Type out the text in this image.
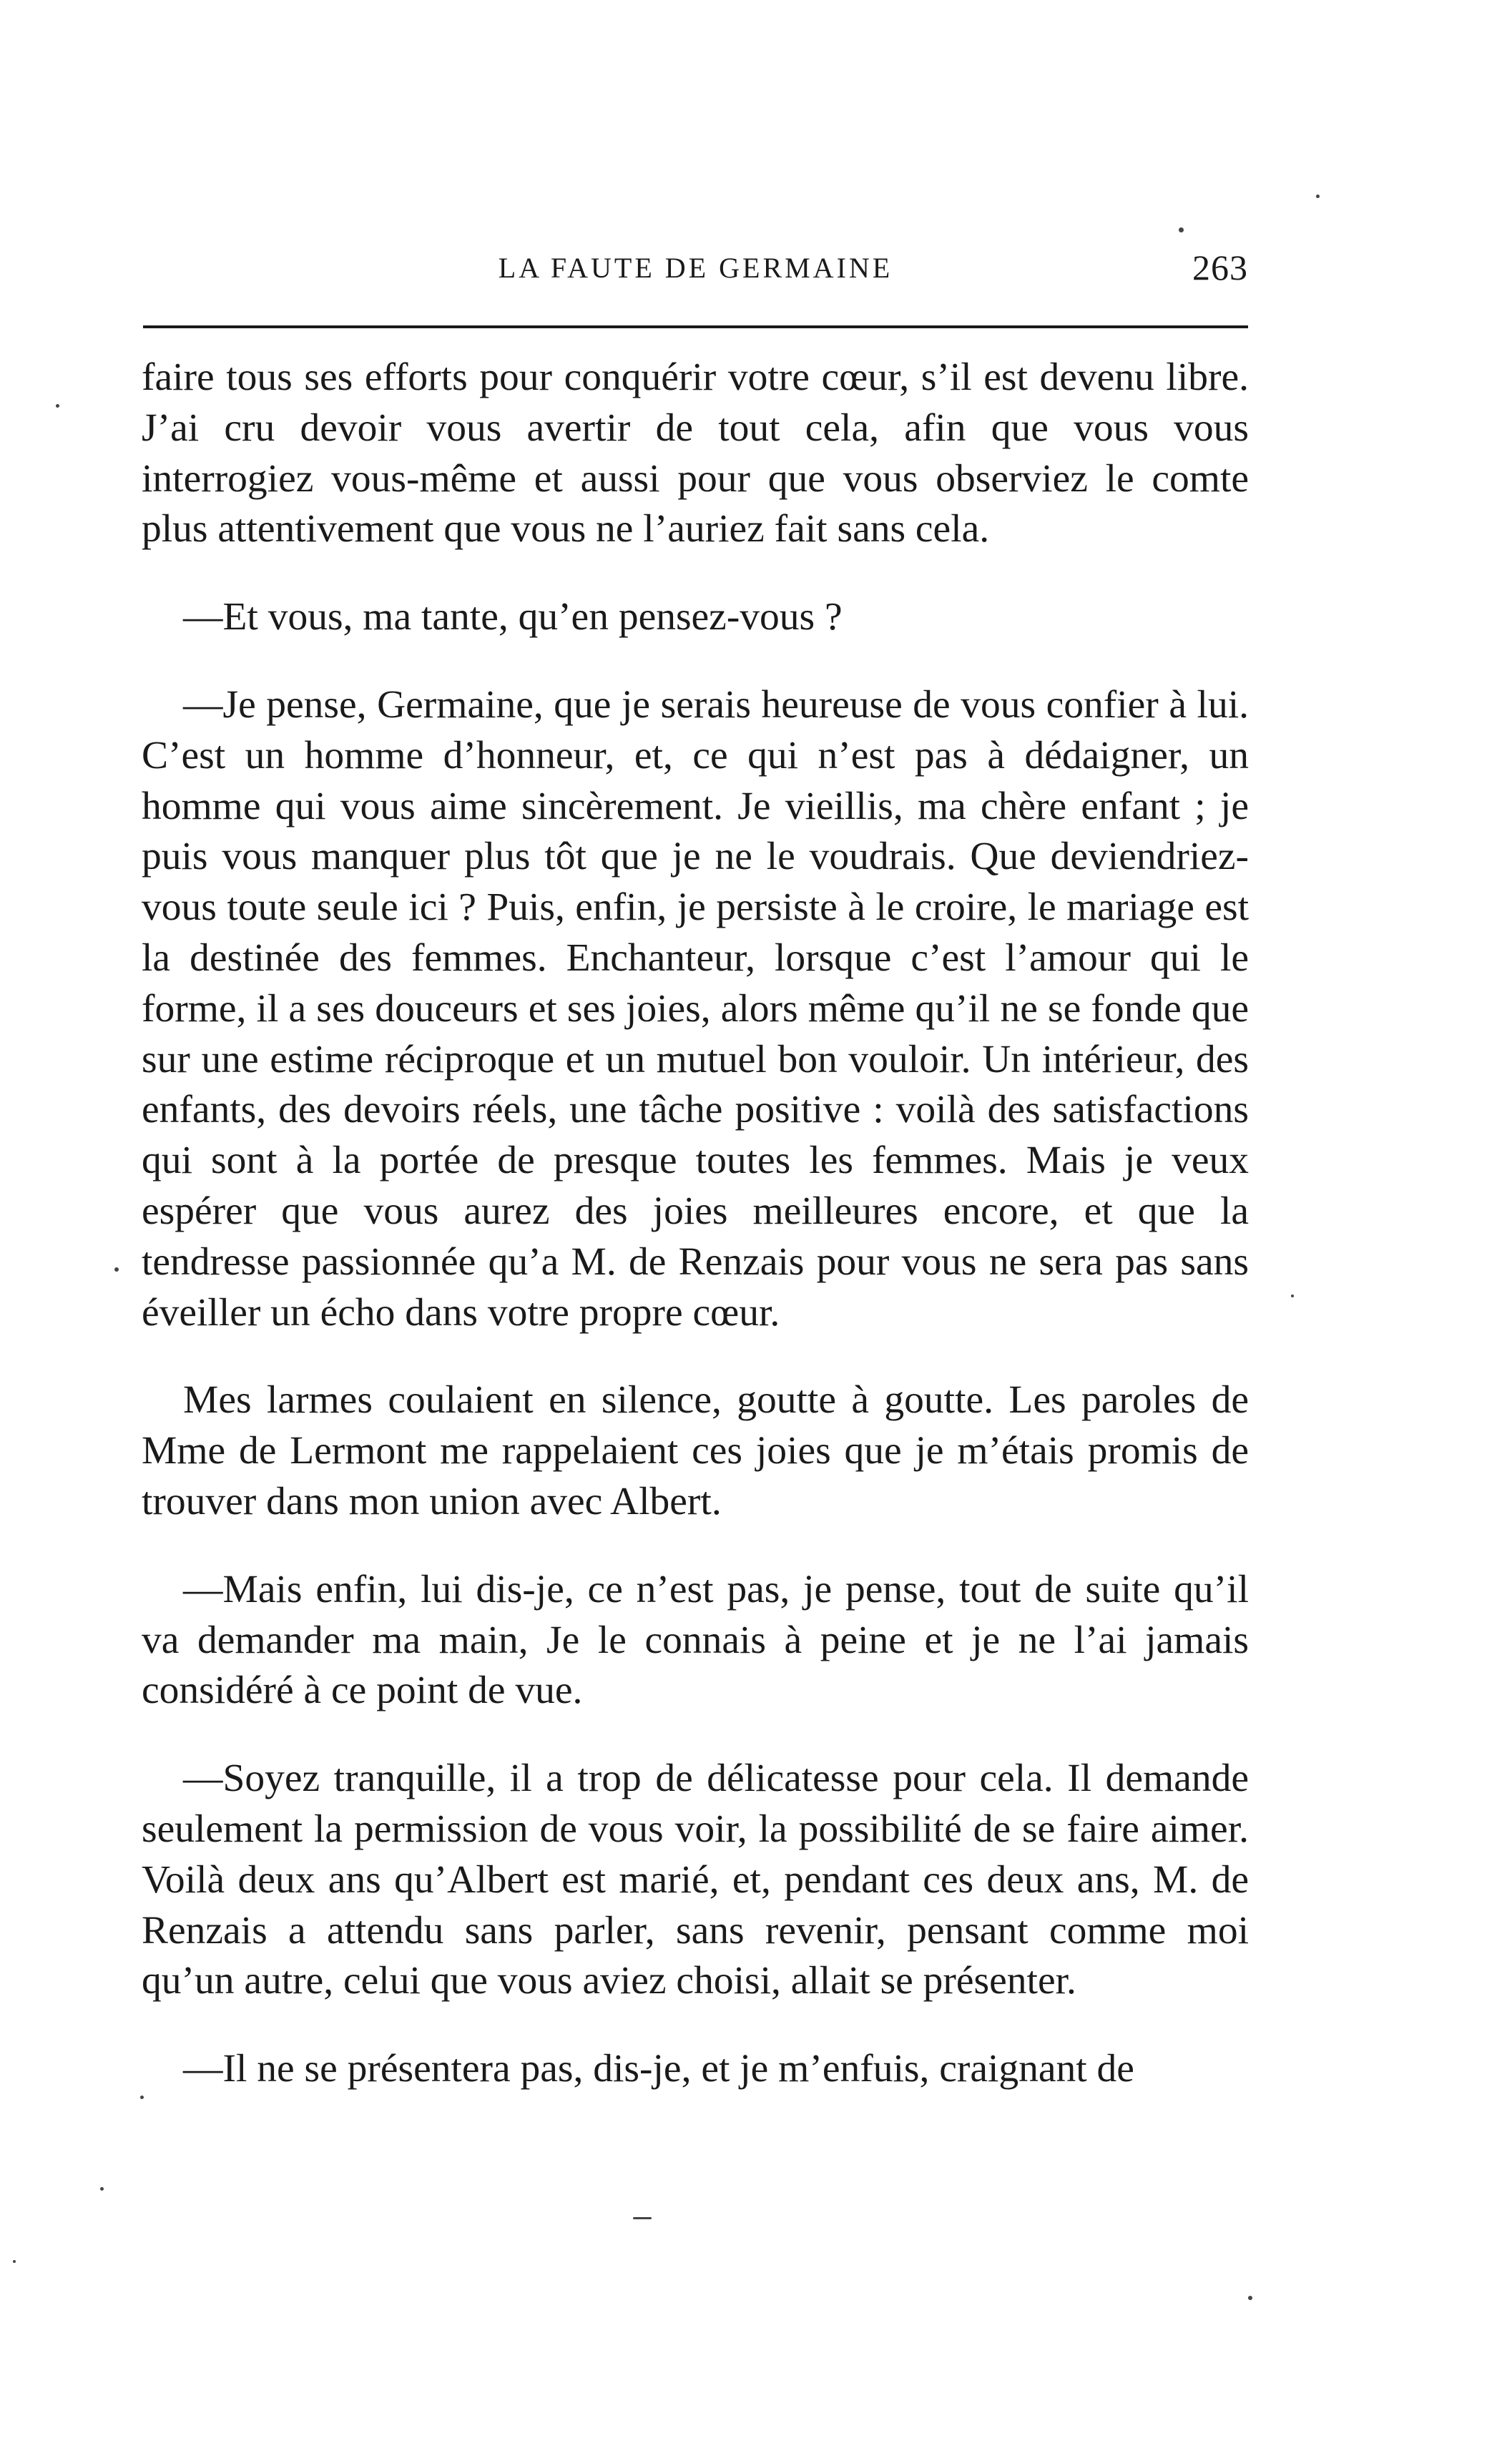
LA FAUTE DE GERMAINE	263

faire tous ses efforts pour conquérir votre cœur, s’il est devenu libre. J’ai cru devoir vous avertir de tout cela, afin que vous vous interrogiez vous-même et aussi pour que vous observiez le comte plus attentivement que vous ne l’auriez fait sans cela.

—Et vous, ma tante, qu’en pensez-vous ?

—Je pense, Germaine, que je serais heureuse de vous confier à lui. C’est un homme d’honneur, et, ce qui n’est pas à dédaigner, un homme qui vous aime sincèrement. Je vieillis, ma chère enfant ; je puis vous manquer plus tôt que je ne le voudrais. Que deviendriez-vous toute seule ici ? Puis, enfin, je persiste à le croire, le mariage est la destinée des femmes. Enchanteur, lorsque c’est l’amour qui le forme, il a ses douceurs et ses joies, alors même qu’il ne se fonde que sur une estime réciproque et un mutuel bon vouloir. Un intérieur, des enfants, des devoirs réels, une tâche positive : voilà des satisfactions qui sont à la portée de presque toutes les femmes. Mais je veux espérer que vous aurez des joies meilleures encore, et que la tendresse passionnée qu’a M. de Renzais pour vous ne sera pas sans éveiller un écho dans votre propre cœur.

Mes larmes coulaient en silence, goutte à goutte. Les paroles de Mme de Lermont me rappelaient ces joies que je m’étais promis de trouver dans mon union avec Albert.

—Mais enfin, lui dis-je, ce n’est pas, je pense, tout de suite qu’il va demander ma main, Je le connais à peine et je ne l’ai jamais considéré à ce point de vue.

—Soyez tranquille, il a trop de délicatesse pour cela. Il demande seulement la permission de vous voir, la possibilité de se faire aimer. Voilà deux ans qu’Albert est marié, et, pendant ces deux ans, M. de Renzais a attendu sans parler, sans revenir, pensant comme moi qu’un autre, celui que vous aviez choisi, allait se présenter.

—Il ne se présentera pas, dis-je, et je m’enfuis, craignant de
